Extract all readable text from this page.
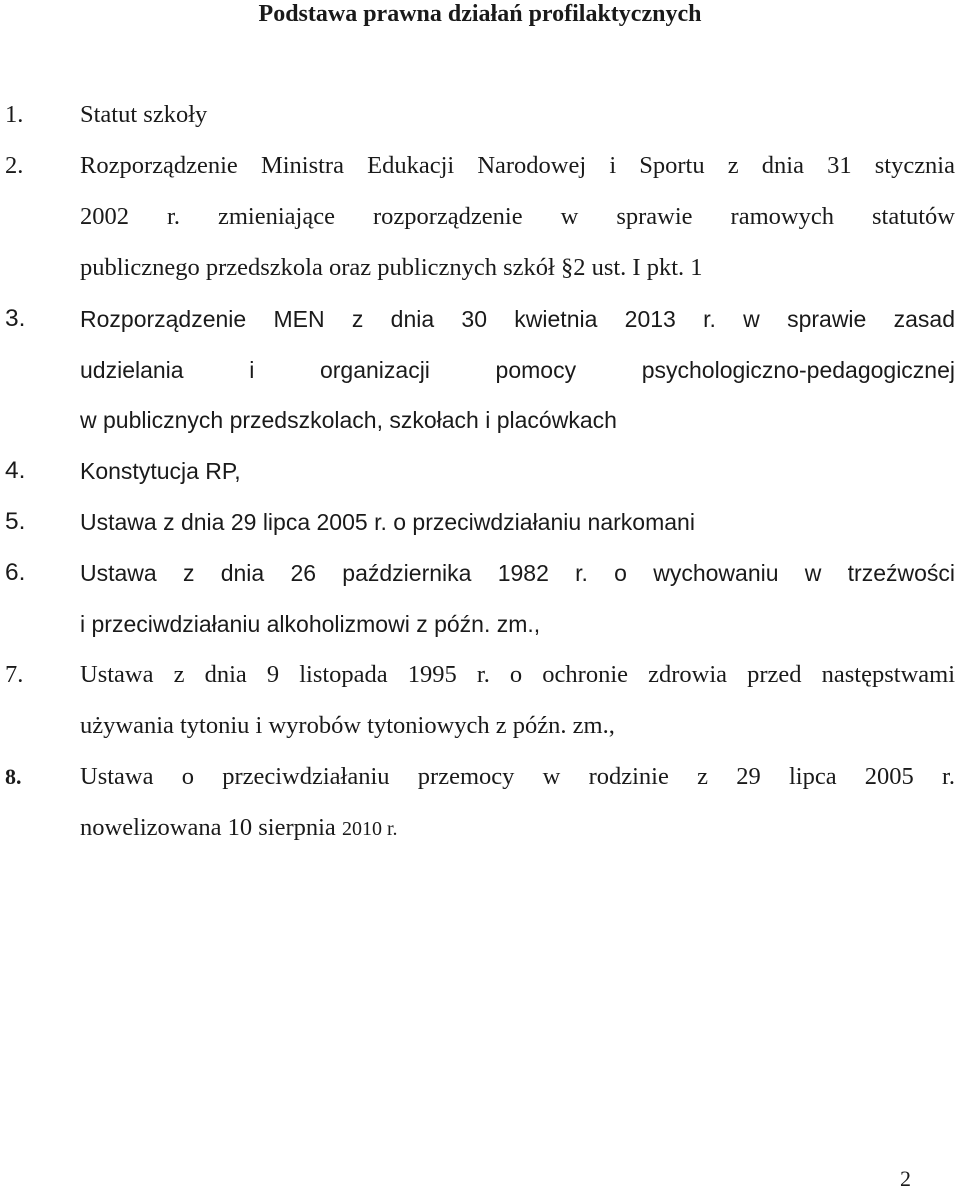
Podstawa prawna działań profilaktycznych
1. Statut szkoły
2. Rozporządzenie Ministra Edukacji Narodowej i Sportu z dnia 31 stycznia
2002 r. zmieniające rozporządzenie w sprawie ramowych statutów
publicznego przedszkola oraz publicznych szkół §2 ust. I pkt. 1
3. Rozporządzenie MEN z dnia 30 kwietnia 2013 r. w sprawie zasad
udzielania i organizacji pomocy psychologiczno-pedagogicznej
w publicznych przedszkolach, szkołach i placówkach
4. Konstytucja RP,
5. Ustawa z dnia 29 lipca 2005 r. o przeciwdziałaniu narkomani
6. Ustawa z dnia 26 października 1982 r. o wychowaniu w trzeźwości
i przeciwdziałaniu alkoholizmowi z późn. zm.,
7. Ustawa z dnia 9 listopada 1995 r. o ochronie zdrowia przed następstwami
używania tytoniu i wyrobów tytoniowych z późn. zm.,
8. Ustawa o przeciwdziałaniu przemocy w rodzinie z 29 lipca 2005 r.
nowelizowana 10 sierpnia 2010 r.
2
